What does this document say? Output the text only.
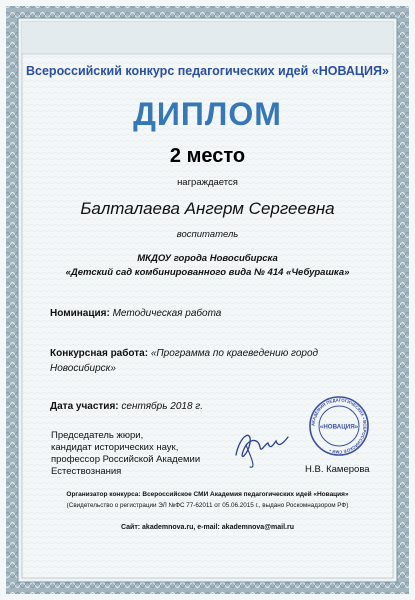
Всероссийский конкурс педагогических идей «НОВАЦИЯ»
ДИПЛОМ
2 место
награждается
Балталаева Ангерм Сергеевна
воспитатель
МКДОУ города Новосибирска
«Детский сад комбинированного вида № 414 «Чебурашка»
Номинация: Методическая работа
Конкурсная работа: «Программа по краеведению город Новосибирск»
Дата участия: сентябрь 2018 г.
Председатель жюри,
кандидат исторических наук,
профессор Российской Академии
Естествознания
АКАДЕМИЯ ПЕДАГОГИЧЕСКИХ • ВСЕРОССИЙСКОЕ СМИ •
«НОВАЦИЯ»
Н.В. Камерова
Организатор конкурса: Всероссийское СМИ Академия педагогических идей «Новация»
(Свидетельство о регистрации ЭЛ №ФС 77-62011 от 05.06.2015 г., выдано Роскомнадзором РФ)
Сайт: akademnova.ru, e-mail: akademnova@mail.ru
